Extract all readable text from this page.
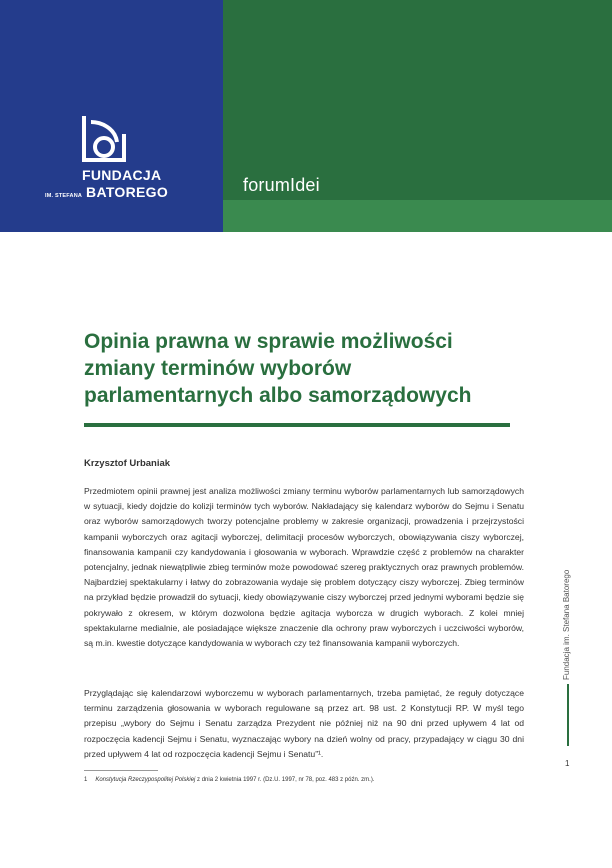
FUNDACJA
IM. STEFANA BATOREGO	forumIdei
Opinia prawna w sprawie możliwości zmiany terminów wyborów parlamentarnych albo samorządowych
Krzysztof Urbaniak

Przedmiotem opinii prawnej jest analiza możliwości zmiany terminu wyborów parlamentarnych lub samorządowych w sytuacji, kiedy dojdzie do kolizji terminów tych wyborów. Nakładający się kalendarz wyborów do Sejmu i Senatu oraz wyborów samorządowych tworzy potencjalne problemy w zakresie organizacji, prowadzenia i przejrzystości kampanii wyborczych oraz agitacji wyborczej, delimitacji procesów wyborczych, obowiązywania ciszy wyborczej, finansowania kampanii czy kandydowania i głosowania w wyborach. Wprawdzie część z problemów na charakter potencjalny, jednak niewątpliwie zbieg terminów może powodować szereg praktycznych oraz prawnych problemów. Najbardziej spektakularny i łatwy do zobrazowania wydaje się problem dotyczący ciszy wyborczej. Zbieg terminów na przykład będzie prowadził do sytuacji, kiedy obowiązywanie ciszy wyborczej przed jednymi wyborami będzie się pokrywało z okresem, w którym dozwolona będzie agitacja wyborcza w drugich wyborach. Z kolei mniej spektakularne medialnie, ale posiadające większe znaczenie dla ochrony praw wyborczych i uczciwości wyborów, są m.in. kwestie dotyczące kandydowania w wyborach czy też finansowania kampanii wyborczych.

Przyglądając się kalendarzowi wyborczemu w wyborach parlamentarnych, trzeba pamiętać, że reguły dotyczące terminu zarządzenia głosowania w wyborach regulowane są przez art. 98 ust. 2 Konstytucji RP. W myśl tego przepisu „wybory do Sejmu i Senatu zarządza Prezydent nie później niż na 90 dni przed upływem 4 lat od rozpoczęcia kadencji Sejmu i Senatu, wyznaczając wybory na dzień wolny od pracy, przypadający w ciągu 30 dni przed upływem 4 lat od rozpoczęcia kadencji Sejmu i Senatu”¹.

1 Konstytucja Rzeczypospolitej Polskiej z dnia 2 kwietnia 1997 r. (Dz.U. 1997, nr 78, poz. 483 z późn. zm.).
Fundacja im. Stefana Batorego
1
